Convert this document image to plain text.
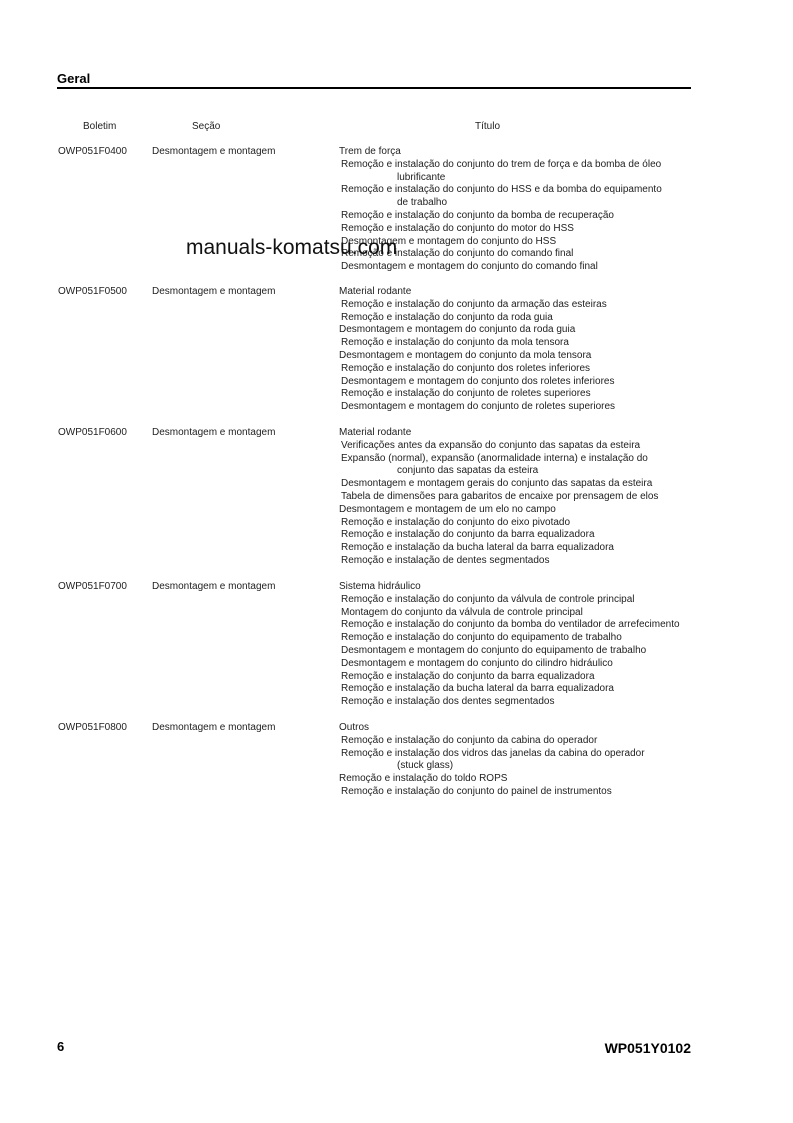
Geral
Boletim	Seção	Título
OWP051F0400	Desmontagem e montagem	Trem de força
Remoção e instalação do conjunto do trem de força e da bomba de óleo
lubrificante
Remoção e instalação do conjunto do HSS e da bomba do equipamento
de trabalho
Remoção e instalação do conjunto da bomba de recuperação
Remoção e instalação do conjunto do motor do HSS
Desmontagem e montagem do conjunto do HSS
Remoção e instalação do conjunto do comando final
Desmontagem e montagem do conjunto do comando final
OWP051F0500	Desmontagem e montagem	Material rodante
Remoção e instalação do conjunto da armação das esteiras
Remoção e instalação do conjunto da roda guia
Desmontagem e montagem do conjunto da roda guia
Remoção e instalação do conjunto da mola tensora
Desmontagem e montagem do conjunto da mola tensora
Remoção e instalação do conjunto dos roletes inferiores
Desmontagem e montagem do conjunto dos roletes inferiores
Remoção e instalação do conjunto de roletes superiores
Desmontagem e montagem do conjunto de roletes superiores
OWP051F0600	Desmontagem e montagem	Material rodante
Verificações antes da expansão do conjunto das sapatas da esteira
Expansão (normal), expansão (anormalidade interna) e instalação do
conjunto das sapatas da esteira
Desmontagem e montagem gerais do conjunto das sapatas da esteira
Tabela de dimensões para gabaritos de encaixe por prensagem de elos
Desmontagem e montagem de um elo no campo
Remoção e instalação do conjunto do eixo pivotado
Remoção e instalação do conjunto da barra equalizadora
Remoção e instalação da bucha lateral da barra equalizadora
Remoção e instalação de dentes segmentados
OWP051F0700	Desmontagem e montagem	Sistema hidráulico
Remoção e instalação do conjunto da válvula de controle principal
Montagem do conjunto da válvula de controle principal
Remoção e instalação do conjunto da bomba do ventilador de arrefecimento
Remoção e instalação do conjunto do equipamento de trabalho
Desmontagem e montagem do conjunto do equipamento de trabalho
Desmontagem e montagem do conjunto do cilindro hidráulico
Remoção e instalação do conjunto da barra equalizadora
Remoção e instalação da bucha lateral da barra equalizadora
Remoção e instalação dos dentes segmentados
OWP051F0800	Desmontagem e montagem	Outros
Remoção e instalação do conjunto da cabina do operador
Remoção e instalação dos vidros das janelas da cabina do operador
(stuck glass)
Remoção e instalação do toldo ROPS
Remoção e instalação do conjunto do painel de instrumentos
manuals-komatsu.com
6	WP051Y0102
